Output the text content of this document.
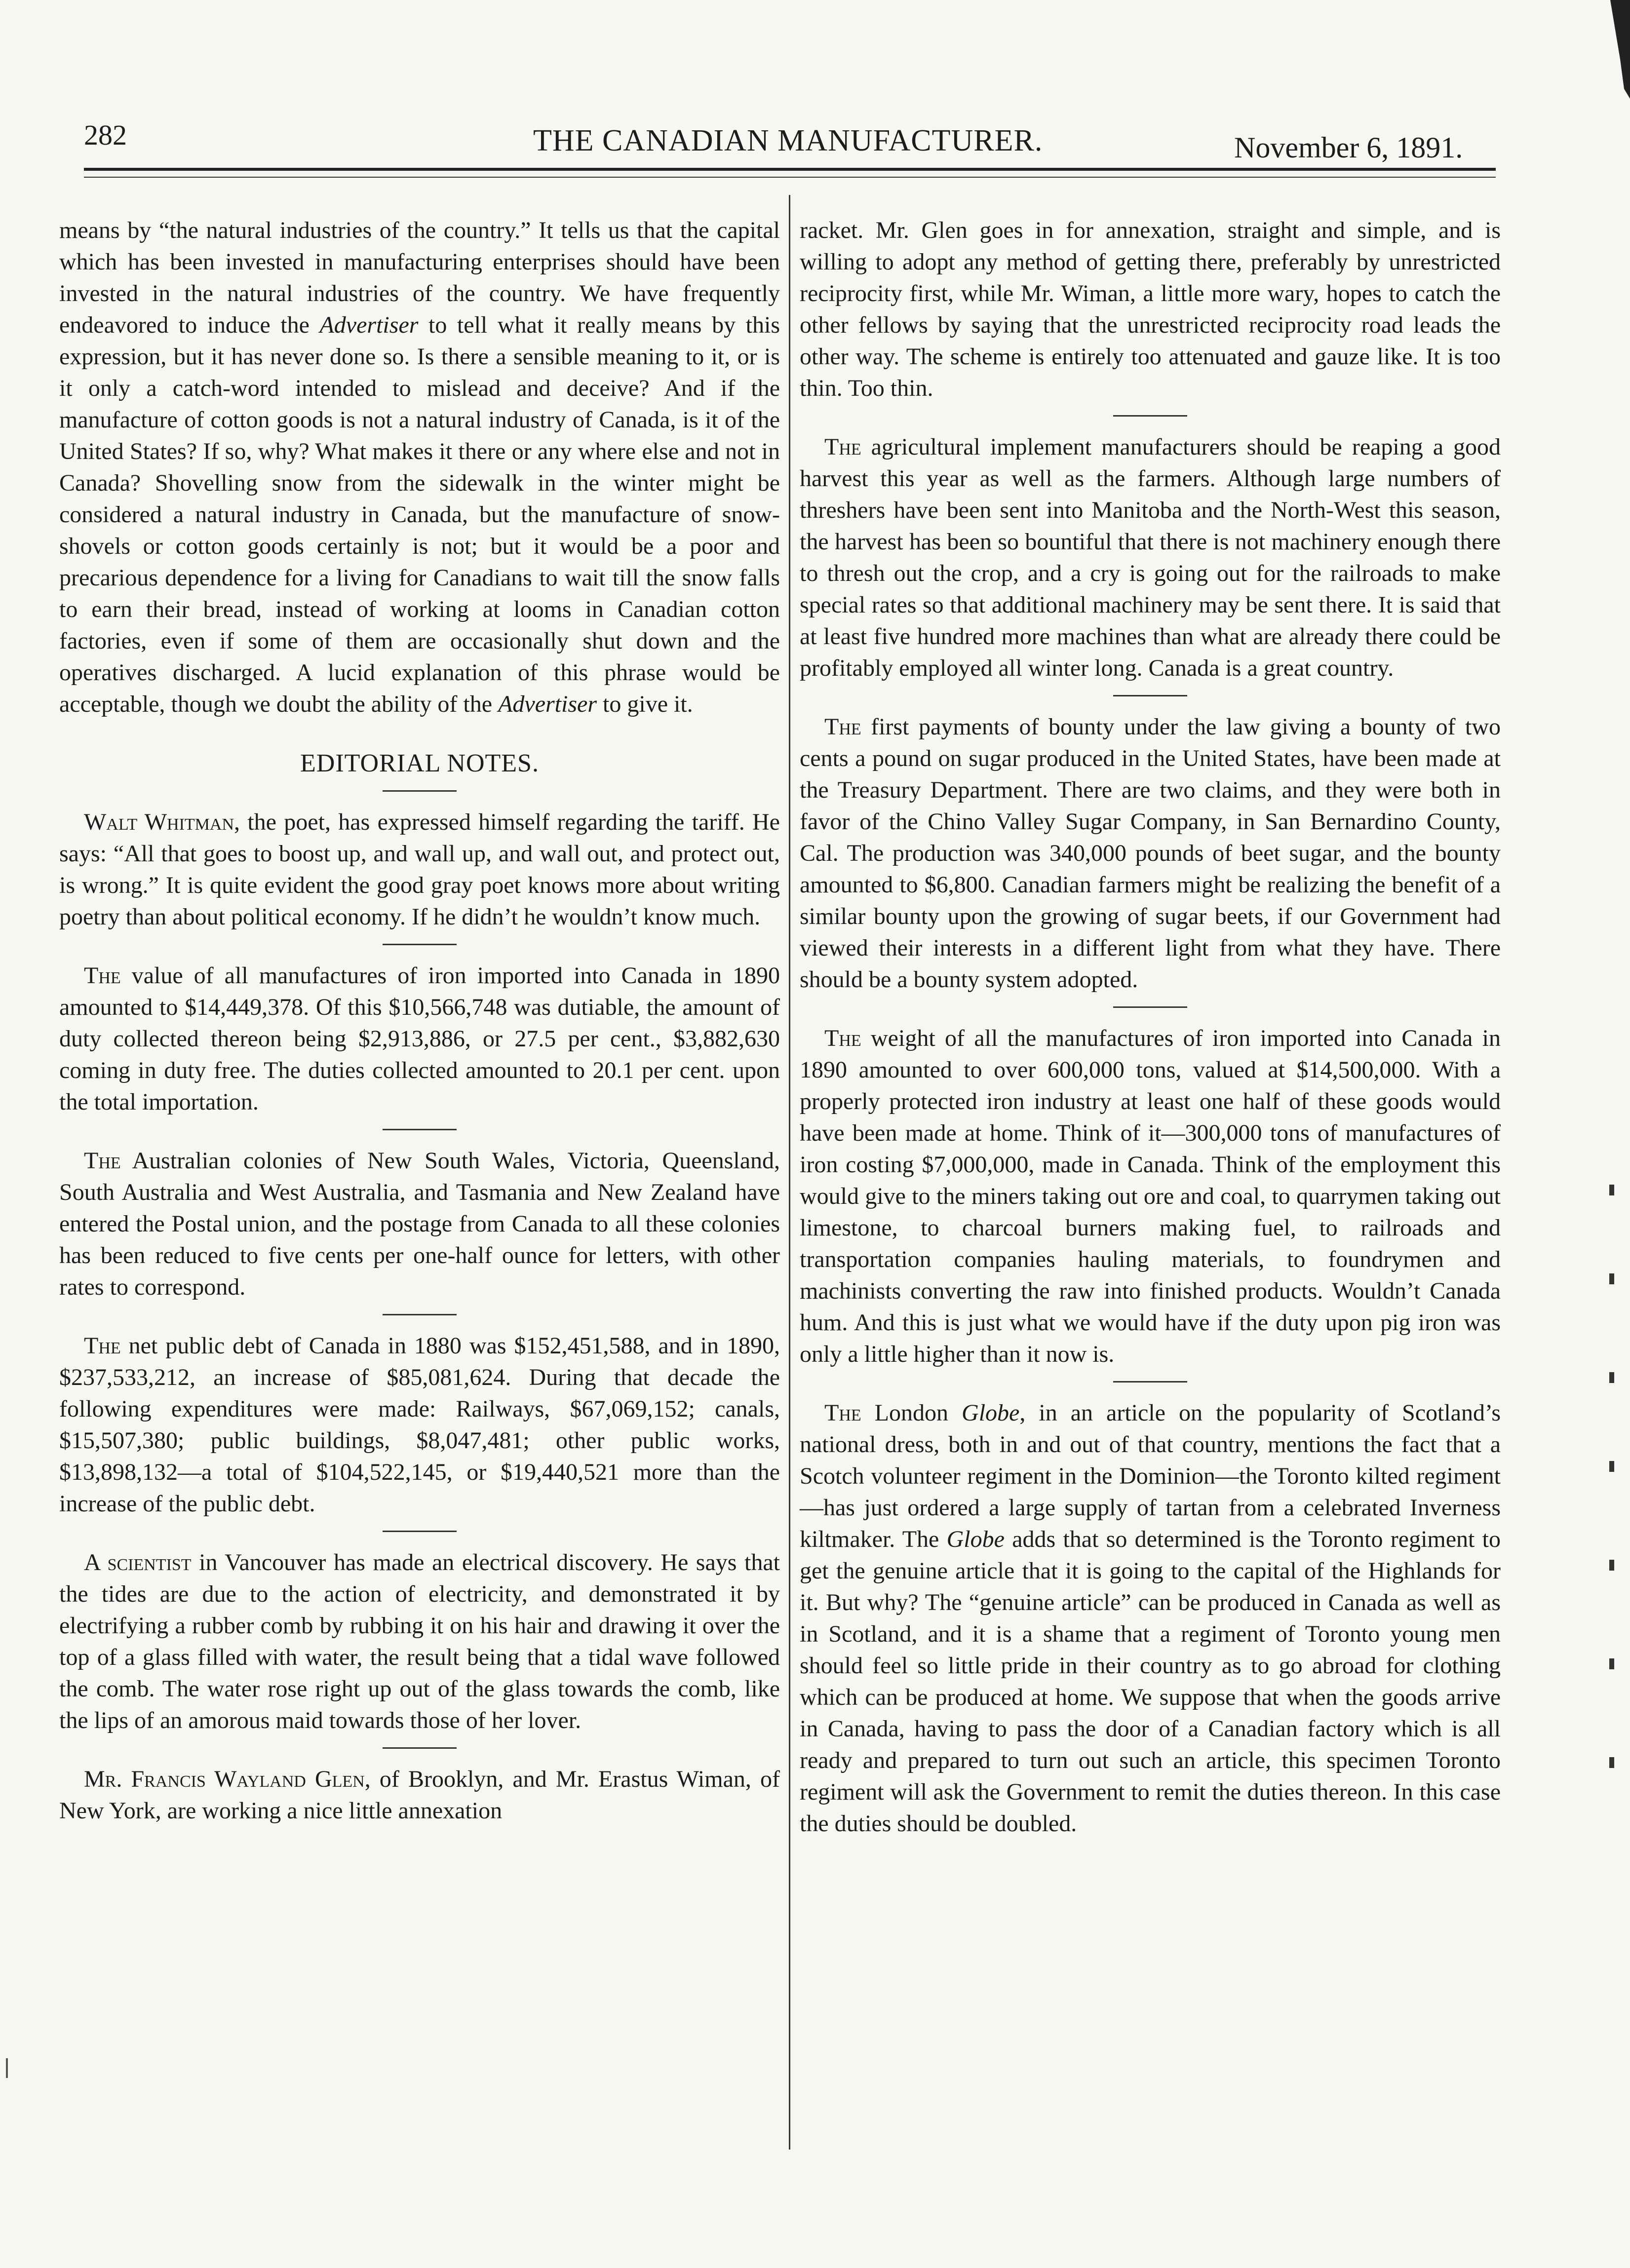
282	THE CANADIAN MANUFACTURER.	November 6, 1891.

means by “the natural industries of the country.” It tells us that the capital which has been invested in manufacturing enterprises should have been invested in the natural industries of the country. We have frequently endeavored to induce the Advertiser to tell what it really means by this expression, but it has never done so. Is there a sensible meaning to it, or is it only a catch-word intended to mislead and deceive? And if the manufacture of cotton goods is not a natural industry of Canada, is it of the United States? If so, why? What makes it there or any where else and not in Canada? Shovelling snow from the sidewalk in the winter might be considered a natural industry in Canada, but the manufacture of snow-shovels or cotton goods certainly is not; but it would be a poor and precarious dependence for a living for Canadians to wait till the snow falls to earn their bread, instead of working at looms in Canadian cotton factories, even if some of them are occasionally shut down and the operatives discharged. A lucid explanation of this phrase would be acceptable, though we doubt the ability of the Advertiser to give it.

EDITORIAL NOTES.

Walt Whitman, the poet, has expressed himself regarding the tariff. He says: “All that goes to boost up, and wall up, and wall out, and protect out, is wrong.” It is quite evident the good gray poet knows more about writing poetry than about political economy. If he didn’t he wouldn’t know much.

The value of all manufactures of iron imported into Canada in 1890 amounted to $14,449,378. Of this $10,566,748 was dutiable, the amount of duty collected thereon being $2,913,886, or 27.5 per cent., $3,882,630 coming in duty free. The duties collected amounted to 20.1 per cent. upon the total importation.

The Australian colonies of New South Wales, Victoria, Queensland, South Australia and West Australia, and Tasmania and New Zealand have entered the Postal union, and the postage from Canada to all these colonies has been reduced to five cents per one-half ounce for letters, with other rates to correspond.

The net public debt of Canada in 1880 was $152,451,588, and in 1890, $237,533,212, an increase of $85,081,624. During that decade the following expenditures were made: Railways, $67,069,152; canals, $15,507,380; public buildings, $8,047,481; other public works, $13,898,132—a total of $104,522,145, or $19,440,521 more than the increase of the public debt.

A scientist in Vancouver has made an electrical discovery. He says that the tides are due to the action of electricity, and demonstrated it by electrifying a rubber comb by rubbing it on his hair and drawing it over the top of a glass filled with water, the result being that a tidal wave followed the comb. The water rose right up out of the glass towards the comb, like the lips of an amorous maid towards those of her lover.

Mr. Francis Wayland Glen, of Brooklyn, and Mr. Erastus Wiman, of New York, are working a nice little annexation

racket. Mr. Glen goes in for annexation, straight and simple, and is willing to adopt any method of getting there, preferably by unrestricted reciprocity first, while Mr. Wiman, a little more wary, hopes to catch the other fellows by saying that the unrestricted reciprocity road leads the other way. The scheme is entirely too attenuated and gauze like. It is too thin. Too thin.

The agricultural implement manufacturers should be reaping a good harvest this year as well as the farmers. Although large numbers of threshers have been sent into Manitoba and the North-West this season, the harvest has been so bountiful that there is not machinery enough there to thresh out the crop, and a cry is going out for the railroads to make special rates so that additional machinery may be sent there. It is said that at least five hundred more machines than what are already there could be profitably employed all winter long. Canada is a great country.

The first payments of bounty under the law giving a bounty of two cents a pound on sugar produced in the United States, have been made at the Treasury Department. There are two claims, and they were both in favor of the Chino Valley Sugar Company, in San Bernardino County, Cal. The production was 340,000 pounds of beet sugar, and the bounty amounted to $6,800. Canadian farmers might be realizing the benefit of a similar bounty upon the growing of sugar beets, if our Government had viewed their interests in a different light from what they have. There should be a bounty system adopted.

The weight of all the manufactures of iron imported into Canada in 1890 amounted to over 600,000 tons, valued at $14,500,000. With a properly protected iron industry at least one half of these goods would have been made at home. Think of it—300,000 tons of manufactures of iron costing $7,000,000, made in Canada. Think of the employment this would give to the miners taking out ore and coal, to quarrymen taking out limestone, to charcoal burners making fuel, to railroads and transportation companies hauling materials, to foundrymen and machinists converting the raw into finished products. Wouldn’t Canada hum. And this is just what we would have if the duty upon pig iron was only a little higher than it now is.

The London Globe, in an article on the popularity of Scotland’s national dress, both in and out of that country, mentions the fact that a Scotch volunteer regiment in the Dominion—the Toronto kilted regiment—has just ordered a large supply of tartan from a celebrated Inverness kiltmaker. The Globe adds that so determined is the Toronto regiment to get the genuine article that it is going to the capital of the Highlands for it. But why? The “genuine article” can be produced in Canada as well as in Scotland, and it is a shame that a regiment of Toronto young men should feel so little pride in their country as to go abroad for clothing which can be produced at home. We suppose that when the goods arrive in Canada, having to pass the door of a Canadian factory which is all ready and prepared to turn out such an article, this specimen Toronto regiment will ask the Government to remit the duties thereon. In this case the duties should be doubled.
